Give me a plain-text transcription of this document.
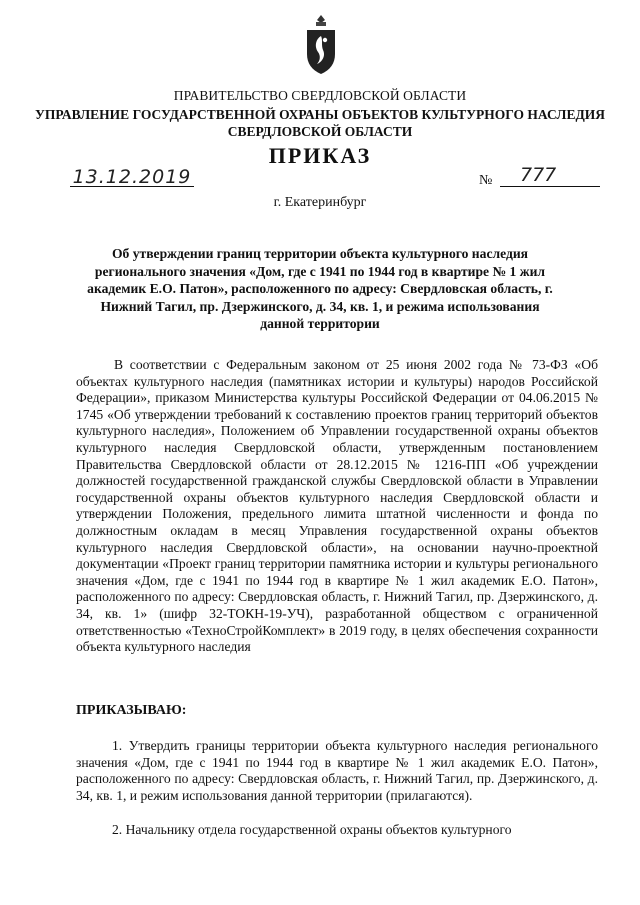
ПРАВИТЕЛЬСТВО СВЕРДЛОВСКОЙ ОБЛАСТИ
УПРАВЛЕНИЕ ГОСУДАРСТВЕННОЙ ОХРАНЫ ОБЪЕКТОВ КУЛЬТУРНОГО НАСЛЕДИЯ
СВЕРДЛОВСКОЙ ОБЛАСТИ
ПРИКАЗ
13.12.2019	№	777
г. Екатеринбург
Об утверждении границ территории объекта культурного наследия регионального значения «Дом, где с 1941 по 1944 год в квартире № 1 жил академик Е.О. Патон», расположенного по адресу: Свердловская область, г. Нижний Тагил, пр. Дзержинского, д. 34, кв. 1, и режима использования данной территории
В соответствии с Федеральным законом от 25 июня 2002 года № 73-ФЗ «Об объектах культурного наследия (памятниках истории и культуры) народов Российской Федерации», приказом Министерства культуры Российской Федерации от 04.06.2015 № 1745 «Об утверждении требований к составлению проектов границ территорий объектов культурного наследия», Положением об Управлении государственной охраны объектов культурного наследия Свердловской области, утвержденным постановлением Правительства Свердловской области от 28.12.2015 № 1216-ПП «Об учреждении должностей государственной гражданской службы Свердловской области в Управлении государственной охраны объектов культурного наследия Свердловской области и утверждении Положения, предельного лимита штатной численности и фонда по должностным окладам в месяц Управления государственной охраны объектов культурного наследия Свердловской области», на основании научно-проектной документации «Проект границ территории памятника истории и культуры регионального значения «Дом, где с 1941 по 1944 год в квартире № 1 жил академик Е.О. Патон», расположенного по адресу: Свердловская область, г. Нижний Тагил, пр. Дзержинского, д. 34, кв. 1» (шифр 32-ТОКН-19-УЧ), разработанной обществом с ограниченной ответственностью «ТехноСтройКомплект» в 2019 году, в целях обеспечения сохранности объекта культурного наследия
ПРИКАЗЫВАЮ:
1. Утвердить границы территории объекта культурного наследия регионального значения «Дом, где с 1941 по 1944 год в квартире № 1 жил академик Е.О. Патон», расположенного по адресу: Свердловская область, г. Нижний Тагил, пр. Дзержинского, д. 34, кв. 1, и режим использования данной территории (прилагаются).
2. Начальнику отдела государственной охраны объектов культурного
